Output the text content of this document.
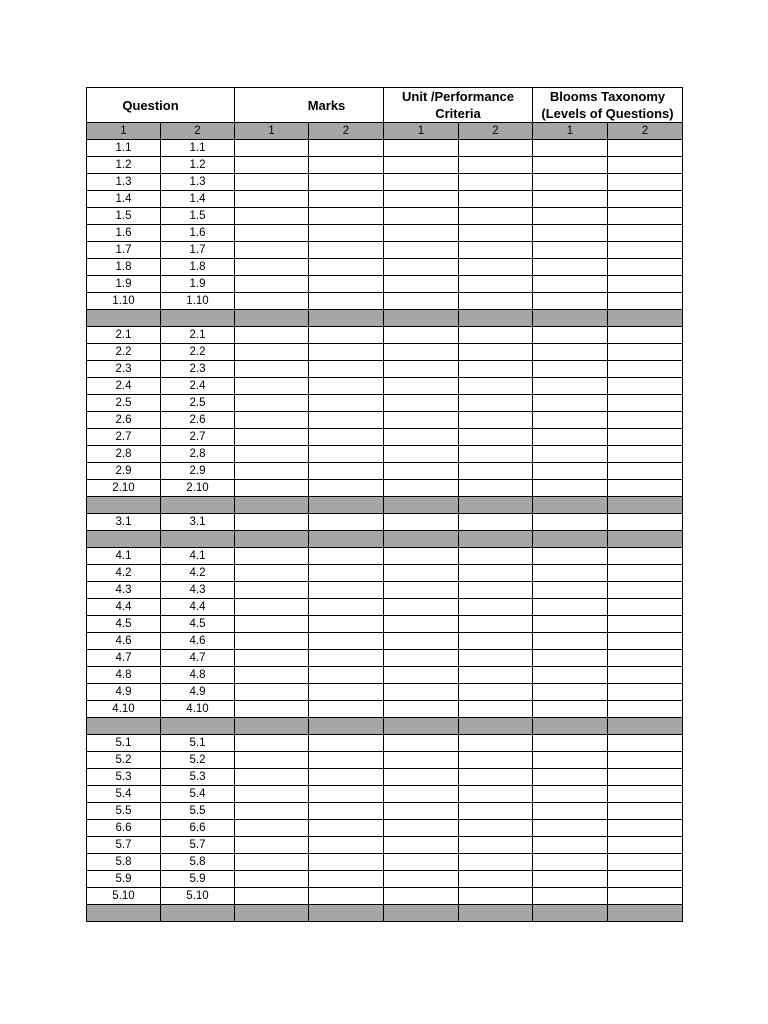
Question		Marks		Unit /Performance Criteria		Blooms Taxonomy (Levels of Questions)	
1	2	1	2	1	2	1	2
1.1	1.1						
1.2	1.2						
1.3	1.3						
1.4	1.4						
1.5	1.5						
1.6	1.6						
1.7	1.7						
1.8	1.8						
1.9	1.9						
1.10	1.10						

2.1	2.1						
2.2	2.2						
2.3	2.3						
2.4	2.4						
2.5	2.5						
2.6	2.6						
2.7	2.7						
2.8	2.8						
2.9	2.9						
2.10	2.10						

3.1	3.1						

4.1	4.1						
4.2	4.2						
4.3	4.3						
4.4	4.4						
4.5	4.5						
4.6	4.6						
4.7	4.7						
4.8	4.8						
4.9	4.9						
4.10	4.10						

5.1	5.1						
5.2	5.2						
5.3	5.3						
5.4	5.4						
5.5	5.5						
6.6	6.6						
5.7	5.7						
5.8	5.8						
5.9	5.9						
5.10	5.10						
